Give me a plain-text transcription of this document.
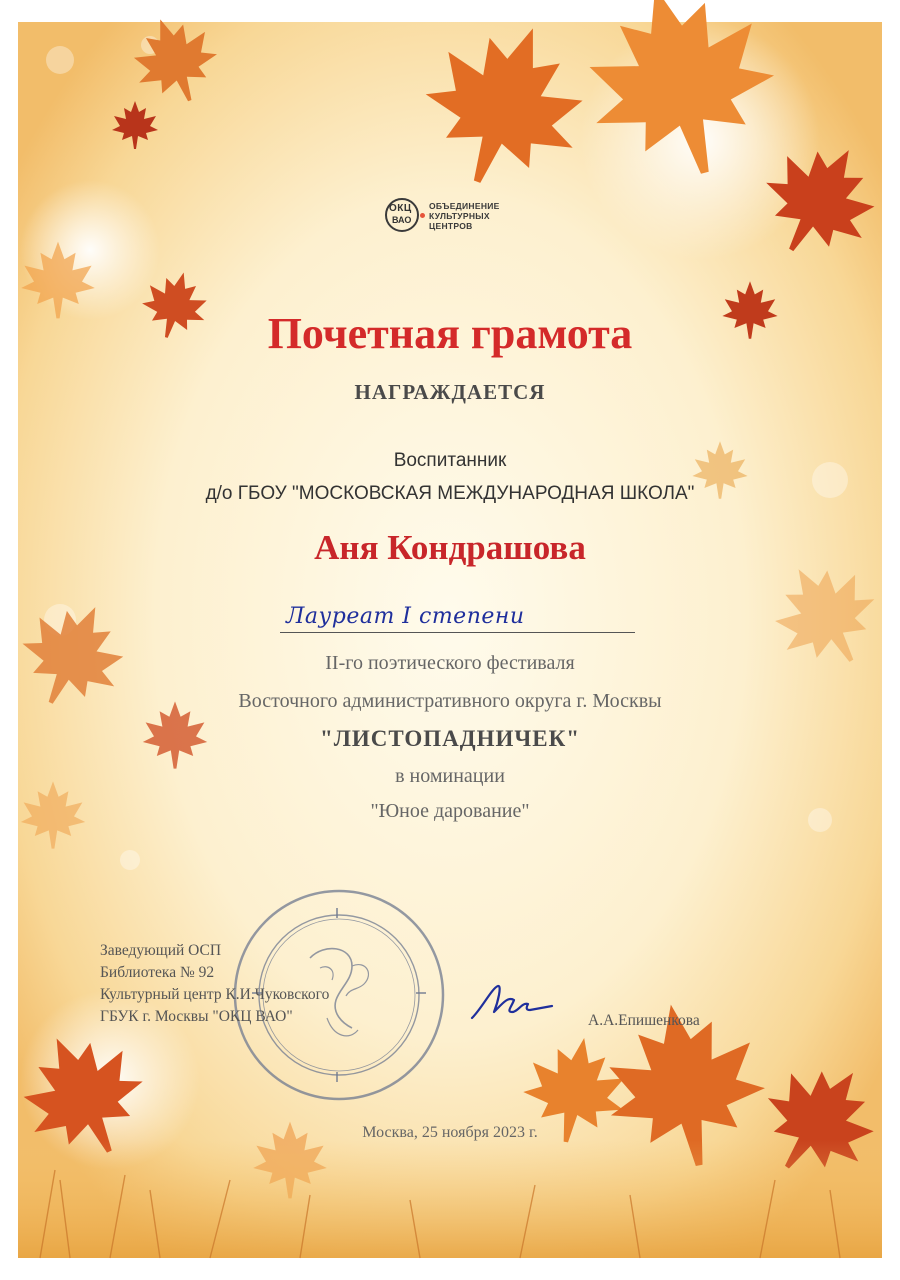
ОКЦ
ВАО
ОБЪЕДИНЕНИЕ
КУЛЬТУРНЫХ
ЦЕНТРОВ
Почетная грамота
НАГРАЖДАЕТСЯ
Воспитанник
д/о ГБОУ "МОСКОВСКАЯ МЕЖДУНАРОДНАЯ ШКОЛА"
Аня Кондрашова
Лауреат I степени
II-го поэтического фестиваля
Восточного административного округа г. Москвы
"ЛИСТОПАДНИЧЕК"
в номинации
"Юное дарование"
Заведующий ОСП
Библиотека № 92
Культурный центр К.И.Чуковского
ГБУК г. Москвы "ОКЦ ВАО"	А.А.Епишенкова
Москва, 25 ноября 2023 г.
